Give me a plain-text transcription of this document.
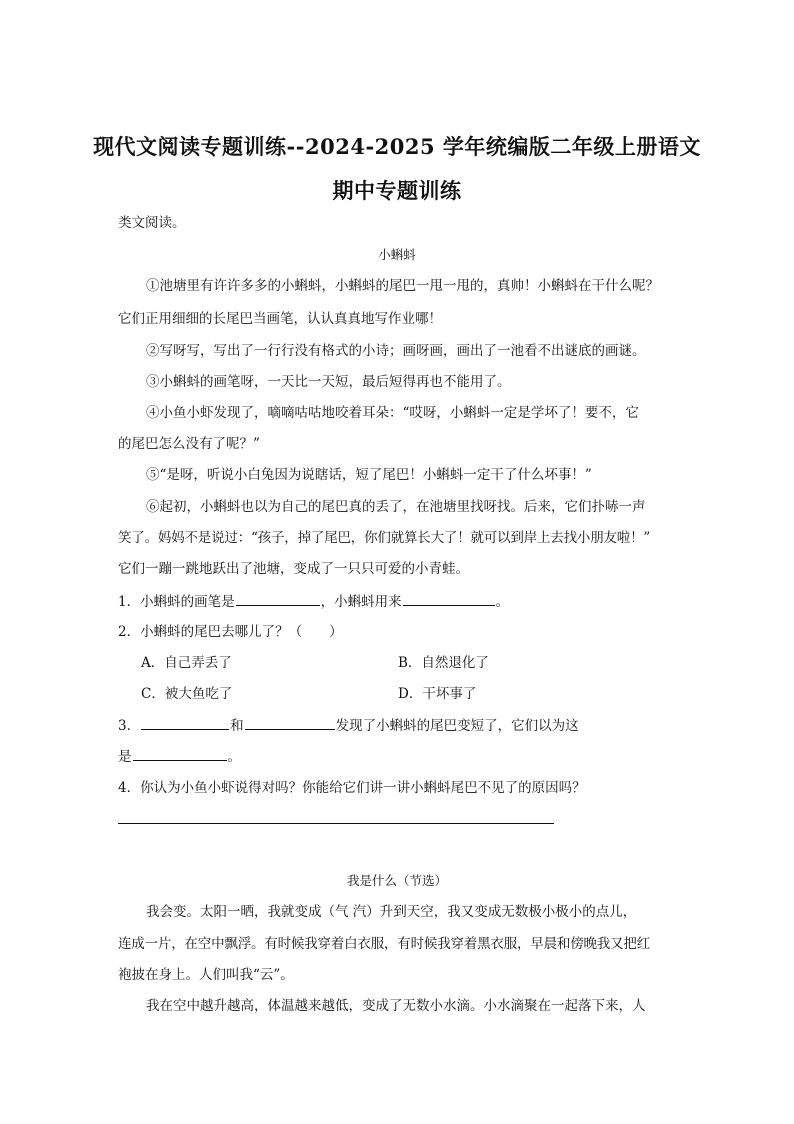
现代文阅读专题训练--2024-2025 学年统编版二年级上册语文
期中专题训练
类文阅读。
小蝌蚪
①池塘里有许许多多的小蝌蚪，小蝌蚪的尾巴一甩一甩的，真帅！小蝌蚪在干什么呢？
它们正用细细的长尾巴当画笔，认认真真地写作业哪！
②写呀写，写出了一行行没有格式的小诗；画呀画，画出了一池看不出谜底的画谜。
③小蝌蚪的画笔呀，一天比一天短，最后短得再也不能用了。
④小鱼小虾发现了，嘀嘀咕咕地咬着耳朵：“哎呀，小蝌蚪一定是学坏了！要不，它
的尾巴怎么没有了呢？”
⑤“是呀，听说小白兔因为说瞎话，短了尾巴！小蝌蚪一定干了什么坏事！”
⑥起初，小蝌蚪也以为自己的尾巴真的丢了，在池塘里找呀找。后来，它们扑哧一声
笑了。妈妈不是说过：“孩子，掉了尾巴，你们就算长大了！就可以到岸上去找小朋友啦！”
它们一蹦一跳地跃出了池塘，变成了一只只可爱的小青蛙。
1．小蝌蚪的画笔是	，小蝌蚪用来	。
2．小蝌蚪的尾巴去哪儿了？（　　）
A．自己弄丢了	B．自然退化了
C．被大鱼吃了	D．干坏事了
3．	和	发现了小蝌蚪的尾巴变短了，它们以为这
是	。
4．你认为小鱼小虾说得对吗？你能给它们讲一讲小蝌蚪尾巴不见了的原因吗？
我是什么（节选）
我会变。太阳一晒，我就变成（气 汽）升到天空，我又变成无数极小极小的点儿，
连成一片，在空中飘浮。有时候我穿着白衣服，有时候我穿着黑衣服，早晨和傍晚我又把红
袍披在身上。人们叫我“云”。
我在空中越升越高，体温越来越低，变成了无数小水滴。小水滴聚在一起落下来，人
